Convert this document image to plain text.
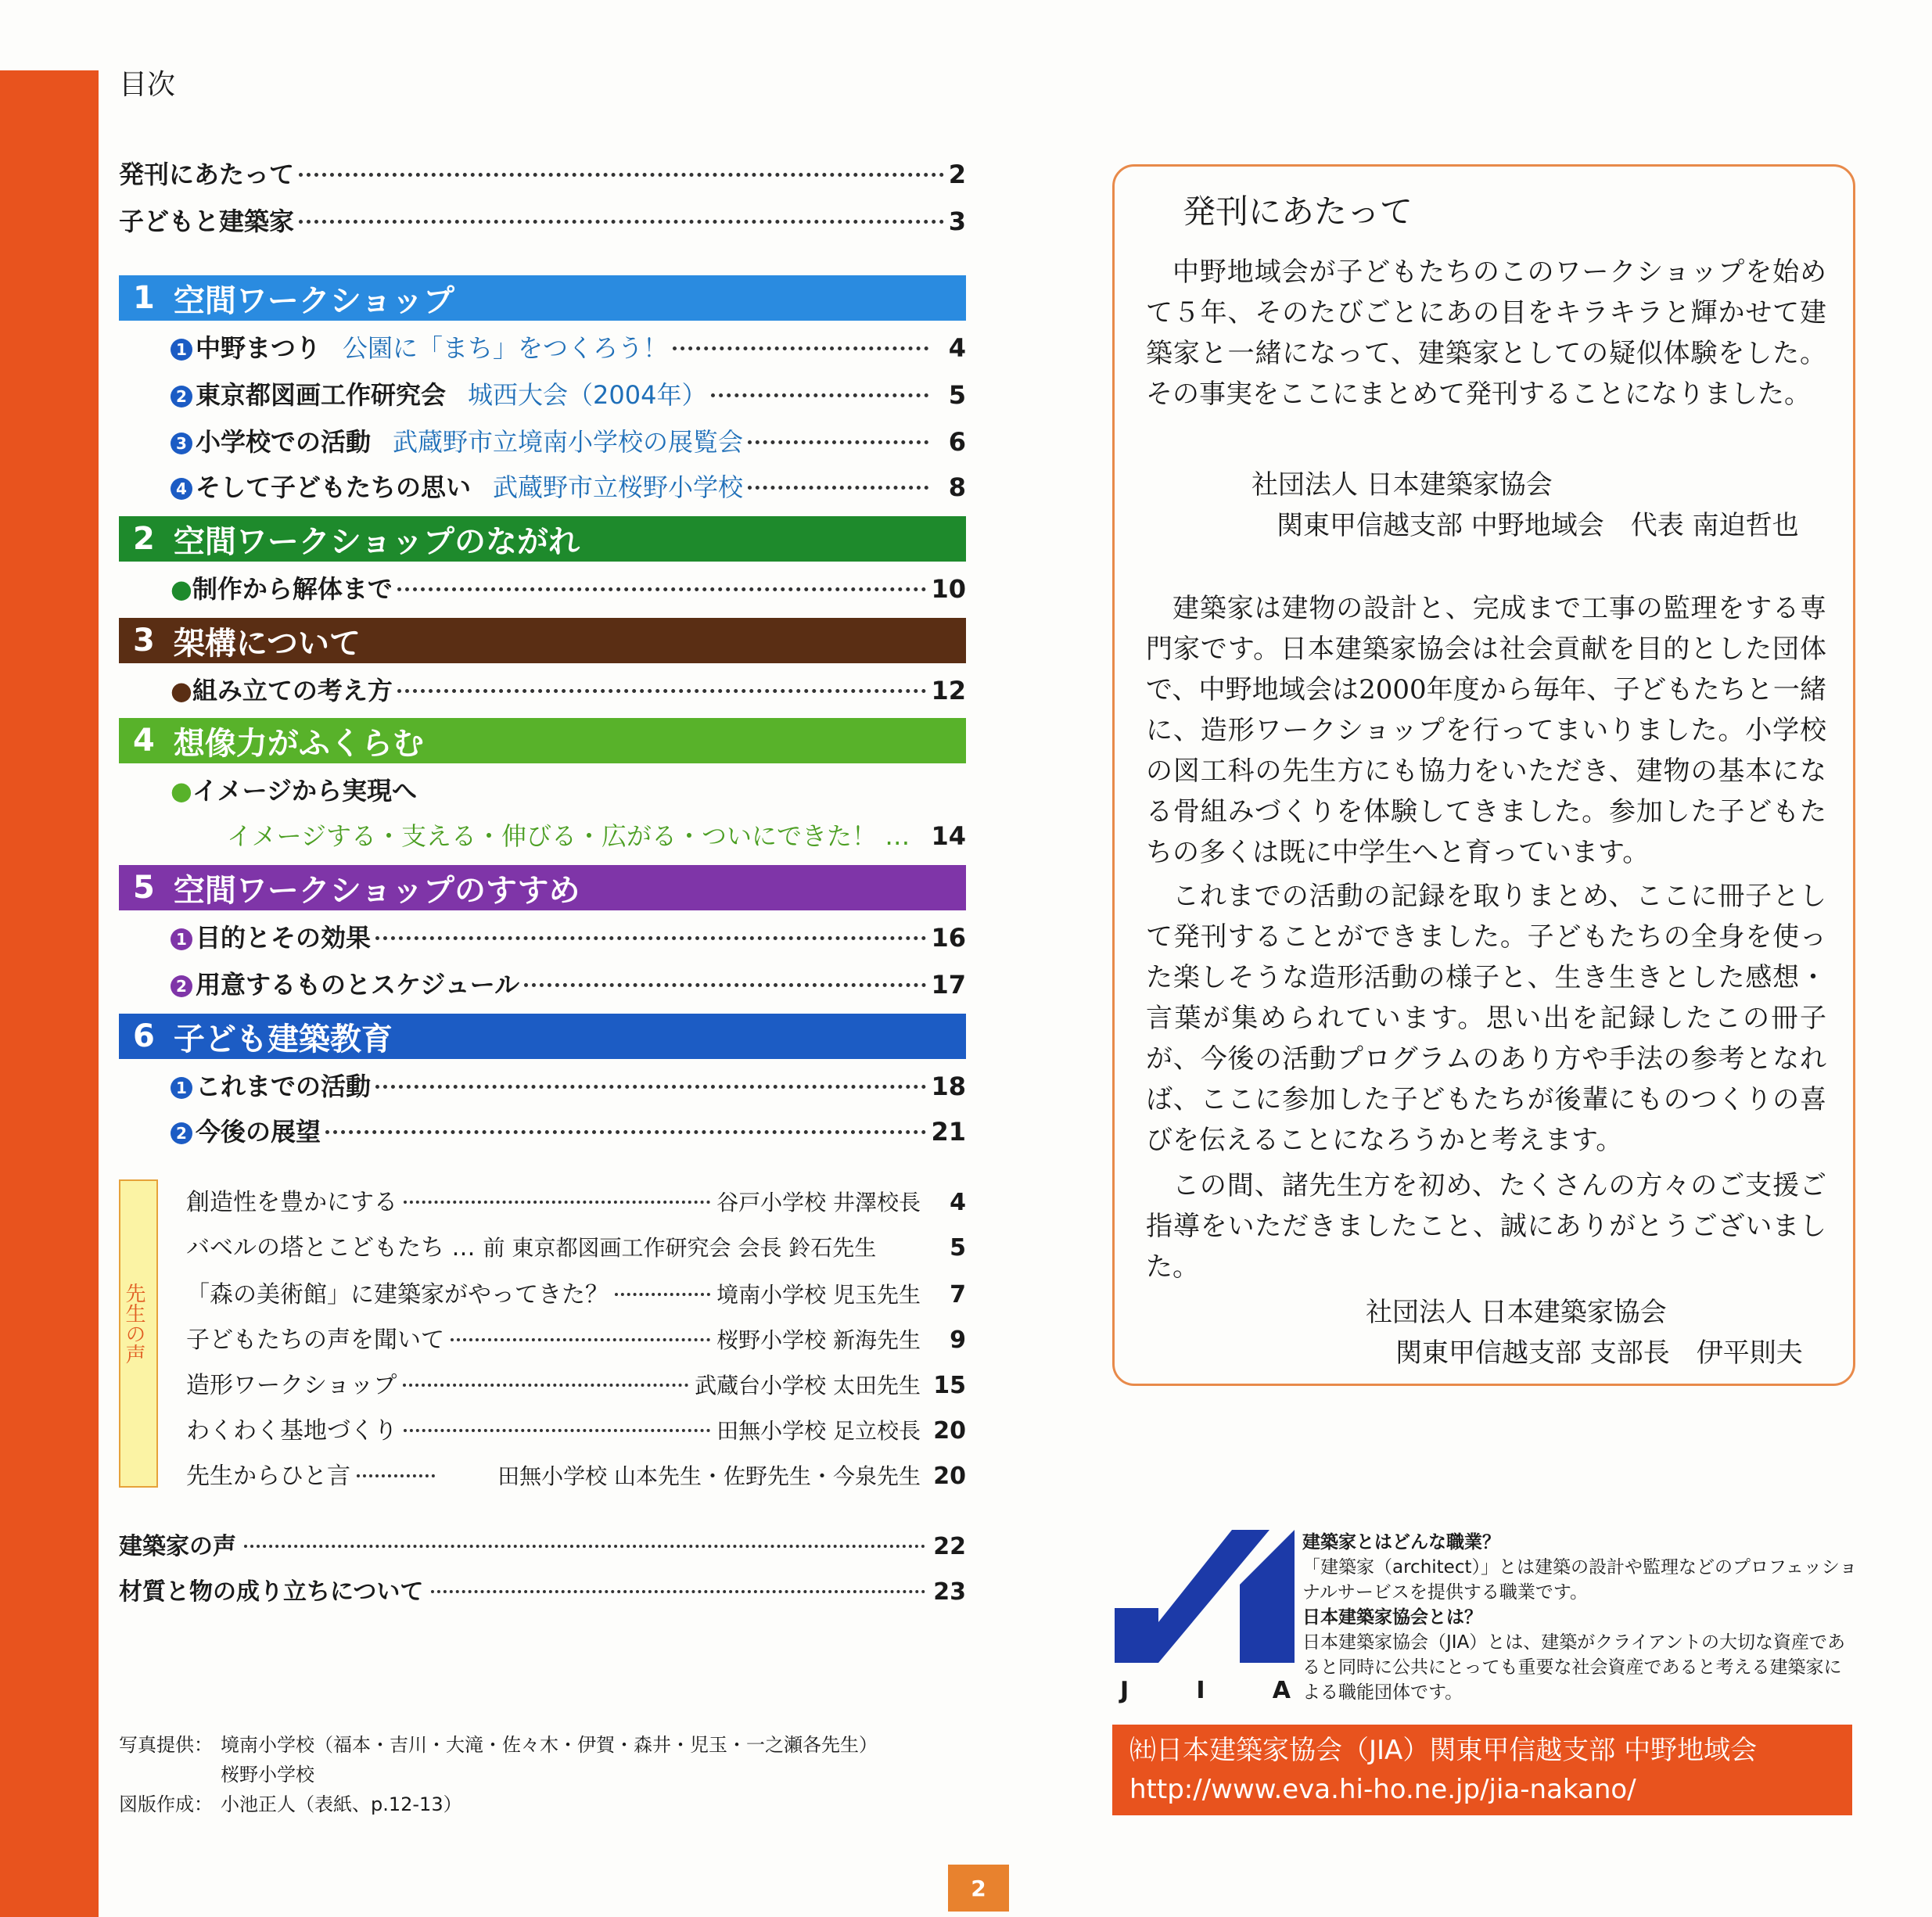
目次
発刊にあたって	2
子どもと建築家	3
1 空間ワークショップ
1 中野まつり 公園に「まち」をつくろう！	4
2 東京都図画工作研究会 城西大会（2004年）	5
3 小学校での活動 武蔵野市立境南小学校の展覧会	6
4 そして子どもたちの思い 武蔵野市立桜野小学校	8
2 空間ワークショップのながれ
● 制作から解体まで	10
3 架構について
● 組み立ての考え方	12
4 想像力がふくらむ
● イメージから実現へ
イメージする・支える・伸びる・広がる・ついにできた！ … 14
5 空間ワークショップのすすめ
1 目的とその効果	16
2 用意するものとスケジュール	17
6 子ども建築教育
1 これまでの活動	18
2 今後の展望	21
先生の声
創造性を豊かにする	谷戸小学校 井澤校長	4
バベルの塔とこどもたち … 前 東京都図画工作研究会 会長 鈴石先生	5
「森の美術館」に建築家がやってきた？	境南小学校 児玉先生	7
子どもたちの声を聞いて	桜野小学校 新海先生	9
造形ワークショップ	武蔵台小学校 太田先生 15
わくわく基地づくり	田無小学校 足立校長 20
先生からひと言	田無小学校 山本先生・佐野先生・今泉先生 20
建築家の声	22
材質と物の成り立ちについて	23
写真提供： 境南小学校（福本・吉川・大滝・佐々木・伊賀・森井・児玉・一之瀬各先生）
桜野小学校
図版作成： 小池正人（表紙、p.12-13）
2
発刊にあたって
中野地域会が子どもたちのこのワークショップを始めて５年、そのたびごとにあの目をキラキラと輝かせて建築家と一緒になって、建築家としての疑似体験をした。その事実をここにまとめて発刊することになりました。
社団法人 日本建築家協会
関東甲信越支部 中野地域会　代表 南迫哲也
建築家は建物の設計と、完成まで工事の監理をする専門家です。日本建築家協会は社会貢献を目的とした団体で、中野地域会は2000年度から毎年、子どもたちと一緒に、造形ワークショップを行ってまいりました。小学校の図工科の先生方にも協力をいただき、建物の基本になる骨組みづくりを体験してきました。参加した子どもたちの多くは既に中学生へと育っています。
これまでの活動の記録を取りまとめ、ここに冊子として発刊することができました。子どもたちの全身を使った楽しそうな造形活動の様子と、生き生きとした感想・言葉が集められています。思い出を記録したこの冊子が、今後の活動プログラムのあり方や手法の参考となれば、ここに参加した子どもたちが後輩にものつくりの喜びを伝えることになろうかと考えます。
この間、諸先生方を初め、たくさんの方々のご支援ご指導をいただきましたこと、誠にありがとうございました。
社団法人 日本建築家協会
関東甲信越支部 支部長　伊平則夫
J	I	A
建築家とはどんな職業？
「建築家（architect）」とは建築の設計や監理などのプロフェッショナルサービスを提供する職業です。
日本建築家協会とは？
日本建築家協会（JIA）とは、建築がクライアントの大切な資産であると同時に公共にとっても重要な社会資産であると考える建築家による職能団体です。
㈳日本建築家協会（JIA）関東甲信越支部 中野地域会
http://www.eva.hi-ho.ne.jp/jia-nakano/
